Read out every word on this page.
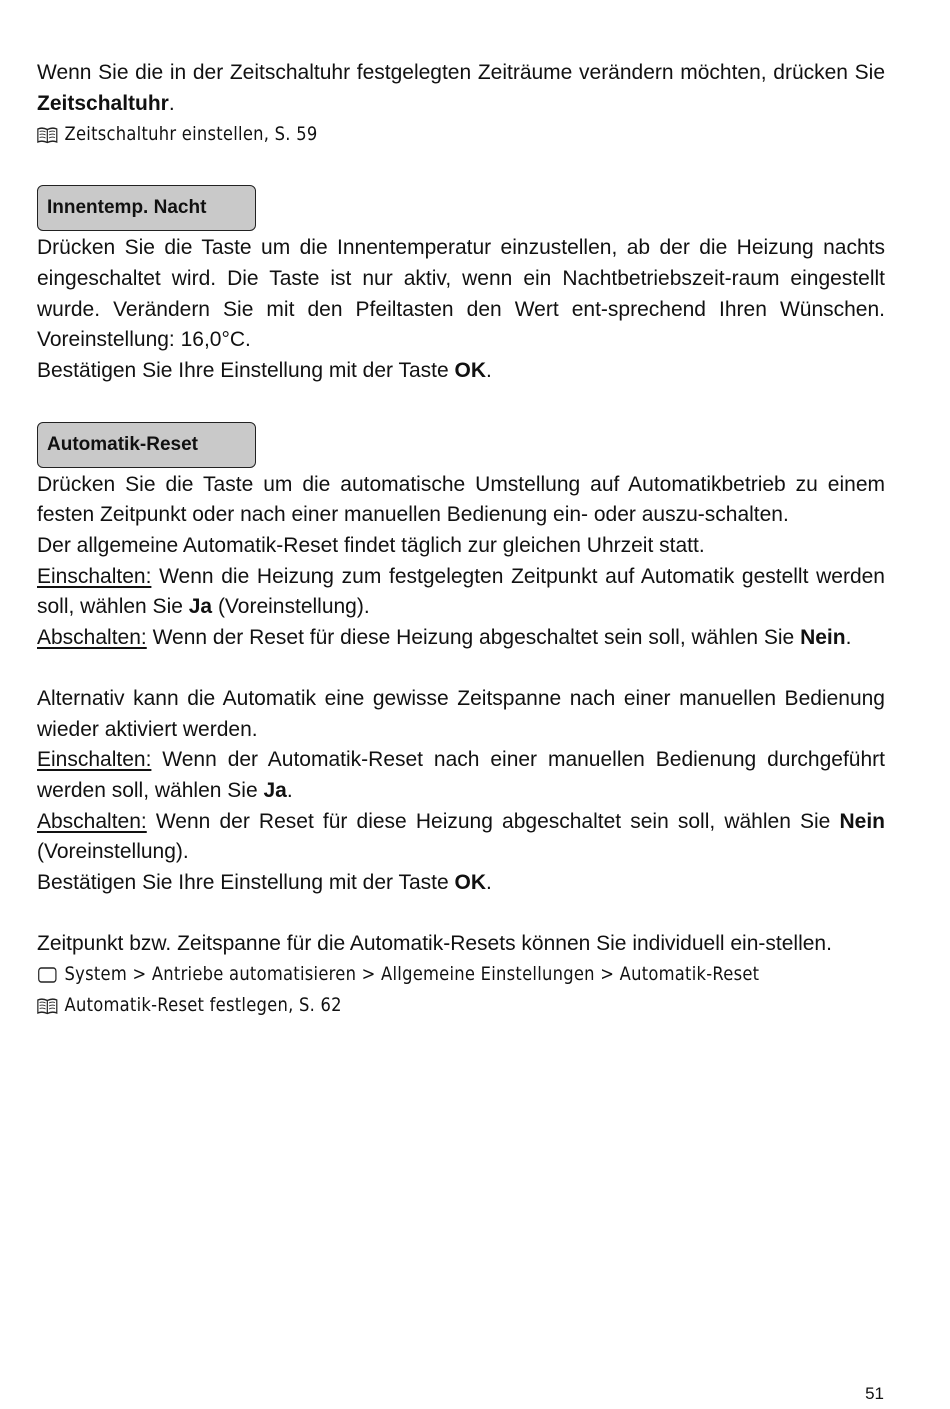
Wenn Sie die in der Zeitschaltuhr festgelegten Zeiträume verändern möchten, drücken Sie Zeitschaltuhr.

Zeitschaltuhr einstellen, S. 59
Innentemp. Nacht

Drücken Sie die Taste um die Innentemperatur einzustellen, ab der die Heizung nachts eingeschaltet wird. Die Taste ist nur aktiv, wenn ein Nachtbetriebszeit-raum eingestellt wurde. Verändern Sie mit den Pfeiltasten den Wert ent-sprechend Ihren Wünschen. Voreinstellung: 16,0°C.

Bestätigen Sie Ihre Einstellung mit der Taste OK.

Automatik-Reset

Drücken Sie die Taste um die automatische Umstellung auf Automatikbetrieb zu einem festen Zeitpunkt oder nach einer manuellen Bedienung ein- oder auszu-schalten.

Der allgemeine Automatik-Reset findet täglich zur gleichen Uhrzeit statt.

Einschalten: Wenn die Heizung zum festgelegten Zeitpunkt auf Automatik gestellt werden soll, wählen Sie Ja (Voreinstellung).

Abschalten: Wenn der Reset für diese Heizung abgeschaltet sein soll, wählen Sie Nein.

Alternativ kann die Automatik eine gewisse Zeitspanne nach einer manuellen Bedienung wieder aktiviert werden.

Einschalten: Wenn der Automatik-Reset nach einer manuellen Bedienung durchgeführt werden soll, wählen Sie Ja.

Abschalten: Wenn der Reset für diese Heizung abgeschaltet sein soll, wählen Sie Nein (Voreinstellung).

Bestätigen Sie Ihre Einstellung mit der Taste OK.

Zeitpunkt bzw. Zeitspanne für die Automatik-Resets können Sie individuell ein-stellen.

System > Antriebe automatisieren > Allgemeine Einstellungen > Automatik-Reset
Automatik-Reset festlegen, S. 62
51
